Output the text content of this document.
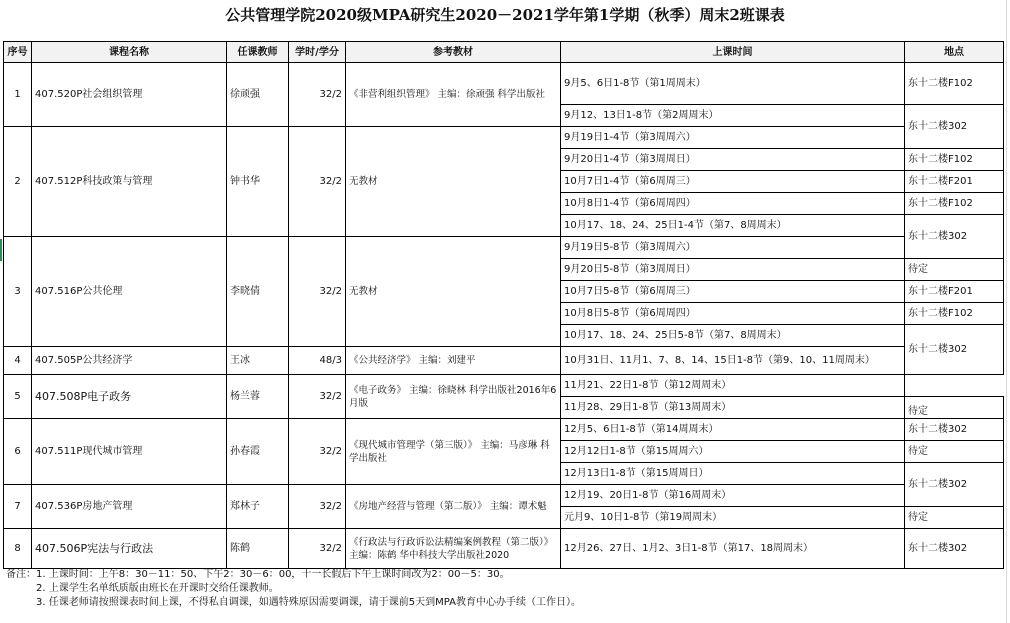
公共管理学院2020级MPA研究生2020－2021学年第1学期（秋季）周末2班课表
序号	课程名称	任课教师	学时/学分	参考教材	上课时间	地点
1	407.520P社会组织管理	徐顽强	32/2	《非营利组织管理》 主编：徐顽强 科学出版社	9月5、6日1-8节（第1周周末）	东十二楼F102
					9月12、13日1-8节（第2周周末）	东十二楼302
2	407.512P科技政策与管理	钟书华	32/2	无教材	9月19日1-4节（第3周周六）	
					9月20日1-4节（第3周周日）	东十二楼F102
					10月7日1-4节（第6周周三）	东十二楼F201
					10月8日1-4节（第6周周四）	东十二楼F102
					10月17、18、24、25日1-4节（第7、8周周末）	东十二楼302
3	407.516P公共伦理	李晓倩	32/2	无教材	9月19日5-8节（第3周周六）	
					9月20日5-8节（第3周周日）	待定
					10月7日5-8节（第6周周三）	东十二楼F201
					10月8日5-8节（第6周周四）	东十二楼F102
					10月17、18、24、25日5-8节（第7、8周周末）	东十二楼302
4	407.505P公共经济学	王冰	48/3	《公共经济学》 主编：刘建平	10月31日、11月1、7、8、14、15日1-8节（第9、10、11周周末）	
5	407.508P电子政务	杨兰蓉	32/2	《电子政务》 主编：徐晓林 科学出版社2016年6月版	11月21、22日1-8节（第12周周末）	
					11月28、29日1-8节（第13周周末）	待定
6	407.511P现代城市管理	孙春霞	32/2	《现代城市管理学（第三版）》 主编：马彦琳 科学出版社	12月5、6日1-8节（第14周周末）	东十二楼302
					12月12日1-8节（第15周周六）	待定
					12月13日1-8节（第15周周日）	东十二楼302
7	407.536P房地产管理	郑林子	32/2	《房地产经营与管理（第二版）》 主编：谭术魁	12月19、20日1-8节（第16周周末）	
					元月9、10日1-8节（第19周周末）	待定
8	407.506P宪法与行政法	陈鹤	32/2	《行政法与行政诉讼法精编案例教程（第二版）》 主编：陈鹤 华中科技大学出版社2020	12月26、27日、1月2、3日1-8节（第17、18周周末）	东十二楼302
备注：1. 上课时间：上午8：30－11：50、下午2：30－6：00，十一长假后下午上课时间改为2：00－5：30。
2. 上课学生名单纸质版由班长在开课时交给任课教师。
3. 任课老师请按照课表时间上课，不得私自调课，如遇特殊原因需要调课，请于课前5天到MPA教育中心办手续（工作日）。
